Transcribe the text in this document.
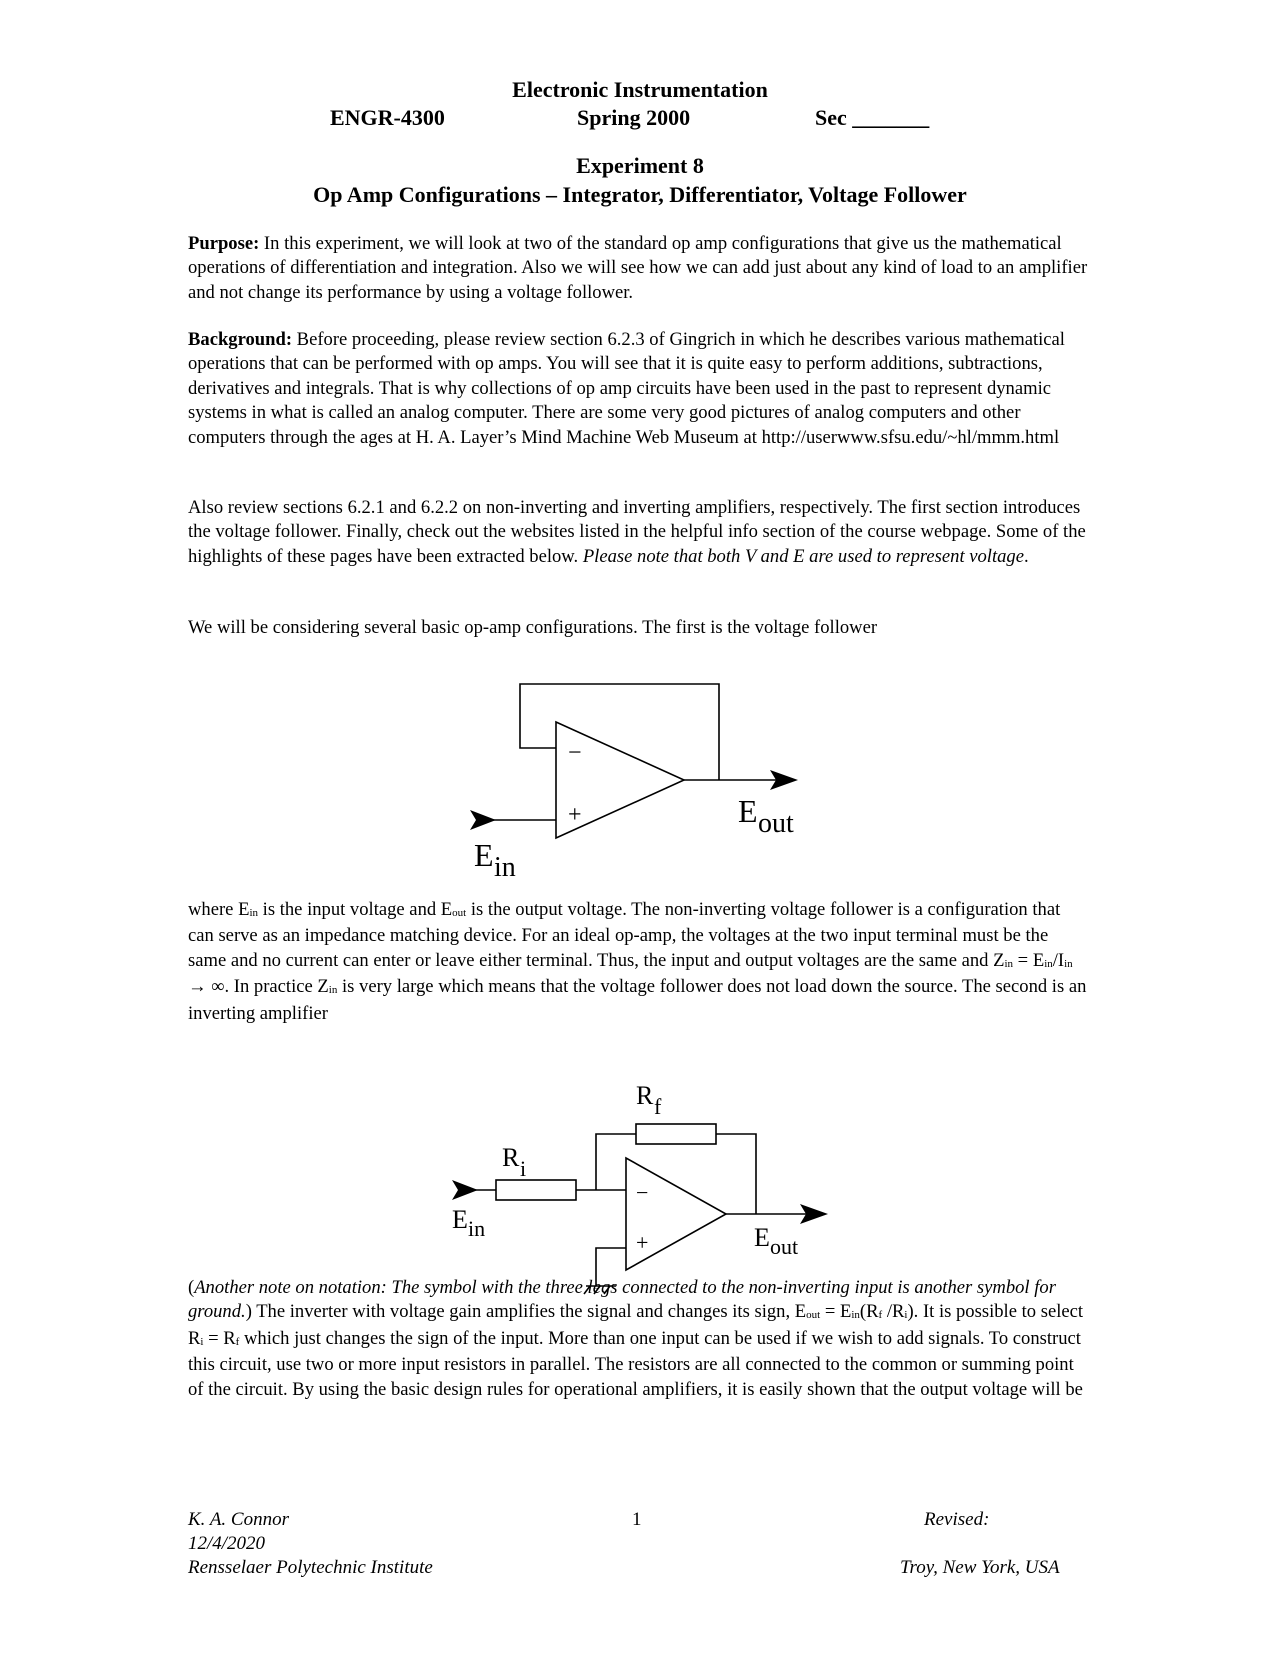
Electronic Instrumentation
ENGR-4300	Spring 2000	Sec _______
Experiment 8
Op Amp Configurations – Integrator, Differentiator, Voltage Follower
Purpose: In this experiment, we will look at two of the standard op amp configurations that give us the mathematical operations of differentiation and integration. Also we will see how we can add just about any kind of load to an amplifier and not change its performance by using a voltage follower.
Background: Before proceeding, please review section 6.2.3 of Gingrich in which he describes various mathematical operations that can be performed with op amps. You will see that it is quite easy to perform additions, subtractions, derivatives and integrals. That is why collections of op amp circuits have been used in the past to represent dynamic systems in what is called an analog computer. There are some very good pictures of analog computers and other computers through the ages at H. A. Layer’s Mind Machine Web Museum at http://userwww.sfsu.edu/~hl/mmm.html
Also review sections 6.2.1 and 6.2.2 on non-inverting and inverting amplifiers, respectively. The first section introduces the voltage follower. Finally, check out the websites listed in the helpful info section of the course webpage. Some of the highlights of these pages have been extracted below. Please note that both V and E are used to represent voltage.
We will be considering several basic op-amp configurations. The first is the voltage follower
−
+	E out
E in
where $E_{in}$ is the input voltage and $E_{out}$ is the output voltage. The non-inverting voltage follower is a configuration that can serve as an impedance matching device. For an ideal op-amp, the voltages at the two input terminal must be the same and no current can enter or leave either terminal. Thus, the input and output voltages are the same and $Z_{in} = E_{in}/I_{in}$ → ∞. In practice $Z_{in}$ is very large which means that the voltage follower does not load down the source. The second is an inverting amplifier
R f
R i
−
+
E in	E out
(Another note on notation: The symbol with the three legs connected to the non-inverting input is another symbol for ground.) The inverter with voltage gain amplifies the signal and changes its sign, $E_{out} = E_{in}(R_f$ $/R_i$). It is possible to select $R_i = R_f$ which just changes the sign of the input. More than one input can be used if we wish to add signals. To construct this circuit, use two or more input resistors in parallel. The resistors are all connected to the common or summing point of the circuit. By using the basic design rules for operational amplifiers, it is easily shown that the output voltage will be
K. A. Connor	1	Revised:
12/4/2020
Rensselaer Polytechnic Institute	Troy, New York, USA
